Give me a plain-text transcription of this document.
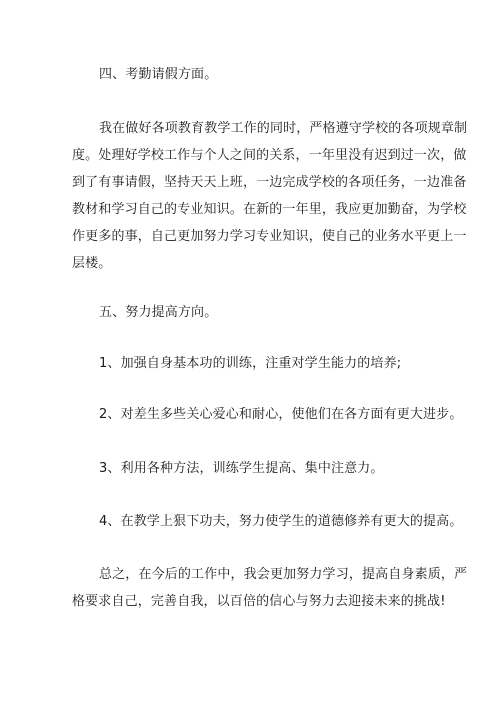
四、考勤请假方面。
我在做好各项教育教学工作的同时，严格遵守学校的各项规章制
度。处理好学校工作与个人之间的关系，一年里没有迟到过一次，做
到了有事请假，坚持天天上班，一边完成学校的各项任务，一边准备
教材和学习自己的专业知识。在新的一年里，我应更加勤奋，为学校
作更多的事，自己更加努力学习专业知识，使自己的业务水平更上一
层楼。
五、努力提高方向。
1、加强自身基本功的训练，注重对学生能力的培养;
2、对差生多些关心爱心和耐心，使他们在各方面有更大进步。
3、利用各种方法，训练学生提高、集中注意力。
4、在教学上狠下功夫，努力使学生的道德修养有更大的提高。
总之，在今后的工作中，我会更加努力学习，提高自身素质，严
格要求自己，完善自我，以百倍的信心与努力去迎接未来的挑战!
